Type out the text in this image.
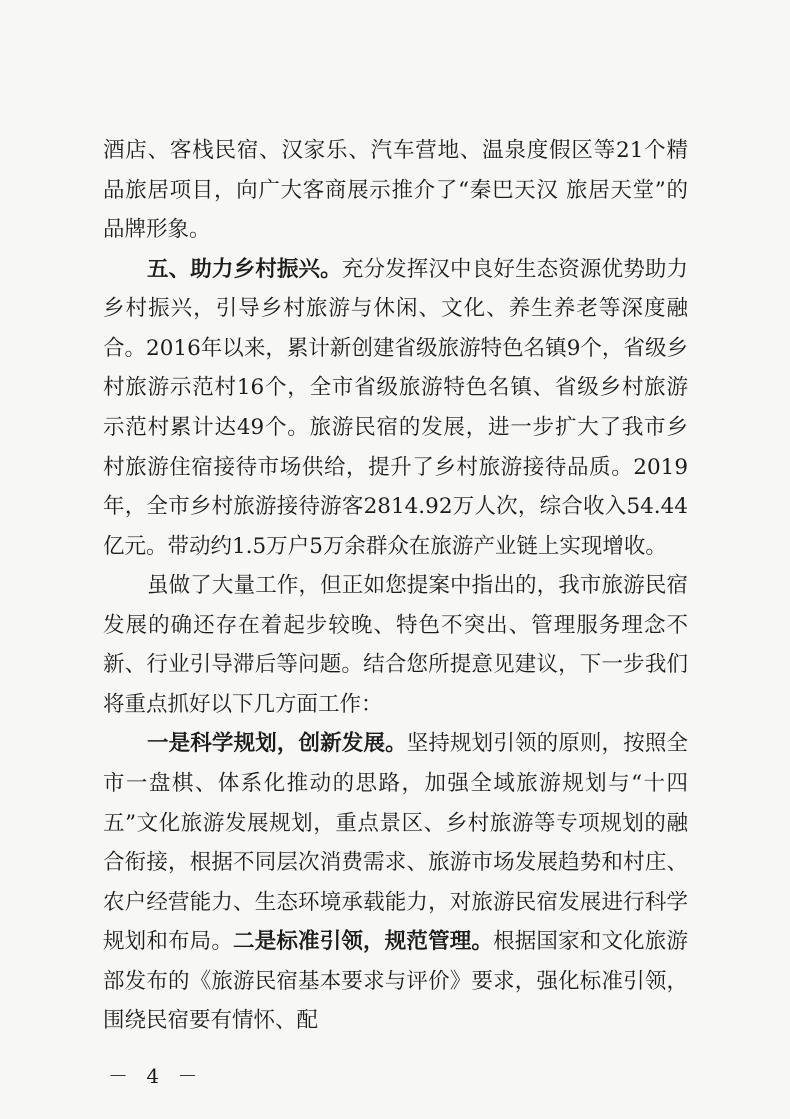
酒店、客栈民宿、汉家乐、汽车营地、温泉度假区等21个精品旅居项目，向广大客商展示推介了“秦巴天汉 旅居天堂”的品牌形象。

五、助力乡村振兴。充分发挥汉中良好生态资源优势助力乡村振兴，引导乡村旅游与休闲、文化、养生养老等深度融合。2016年以来，累计新创建省级旅游特色名镇9个，省级乡村旅游示范村16个，全市省级旅游特色名镇、省级乡村旅游示范村累计达49个。旅游民宿的发展，进一步扩大了我市乡村旅游住宿接待市场供给，提升了乡村旅游接待品质。2019年，全市乡村旅游接待游客2814.92万人次，综合收入54.44亿元。带动约1.5万户5万余群众在旅游产业链上实现增收。

虽做了大量工作，但正如您提案中指出的，我市旅游民宿发展的确还存在着起步较晚、特色不突出、管理服务理念不新、行业引导滞后等问题。结合您所提意见建议，下一步我们将重点抓好以下几方面工作：

一是科学规划，创新发展。坚持规划引领的原则，按照全市一盘棋、体系化推动的思路，加强全域旅游规划与“十四五”文化旅游发展规划，重点景区、乡村旅游等专项规划的融合衔接，根据不同层次消费需求、旅游市场发展趋势和村庄、农户经营能力、生态环境承载能力，对旅游民宿发展进行科学规划和布局。二是标准引领，规范管理。根据国家和文化旅游部发布的《旅游民宿基本要求与评价》要求，强化标准引领，围绕民宿要有情怀、配

－ 4 －
